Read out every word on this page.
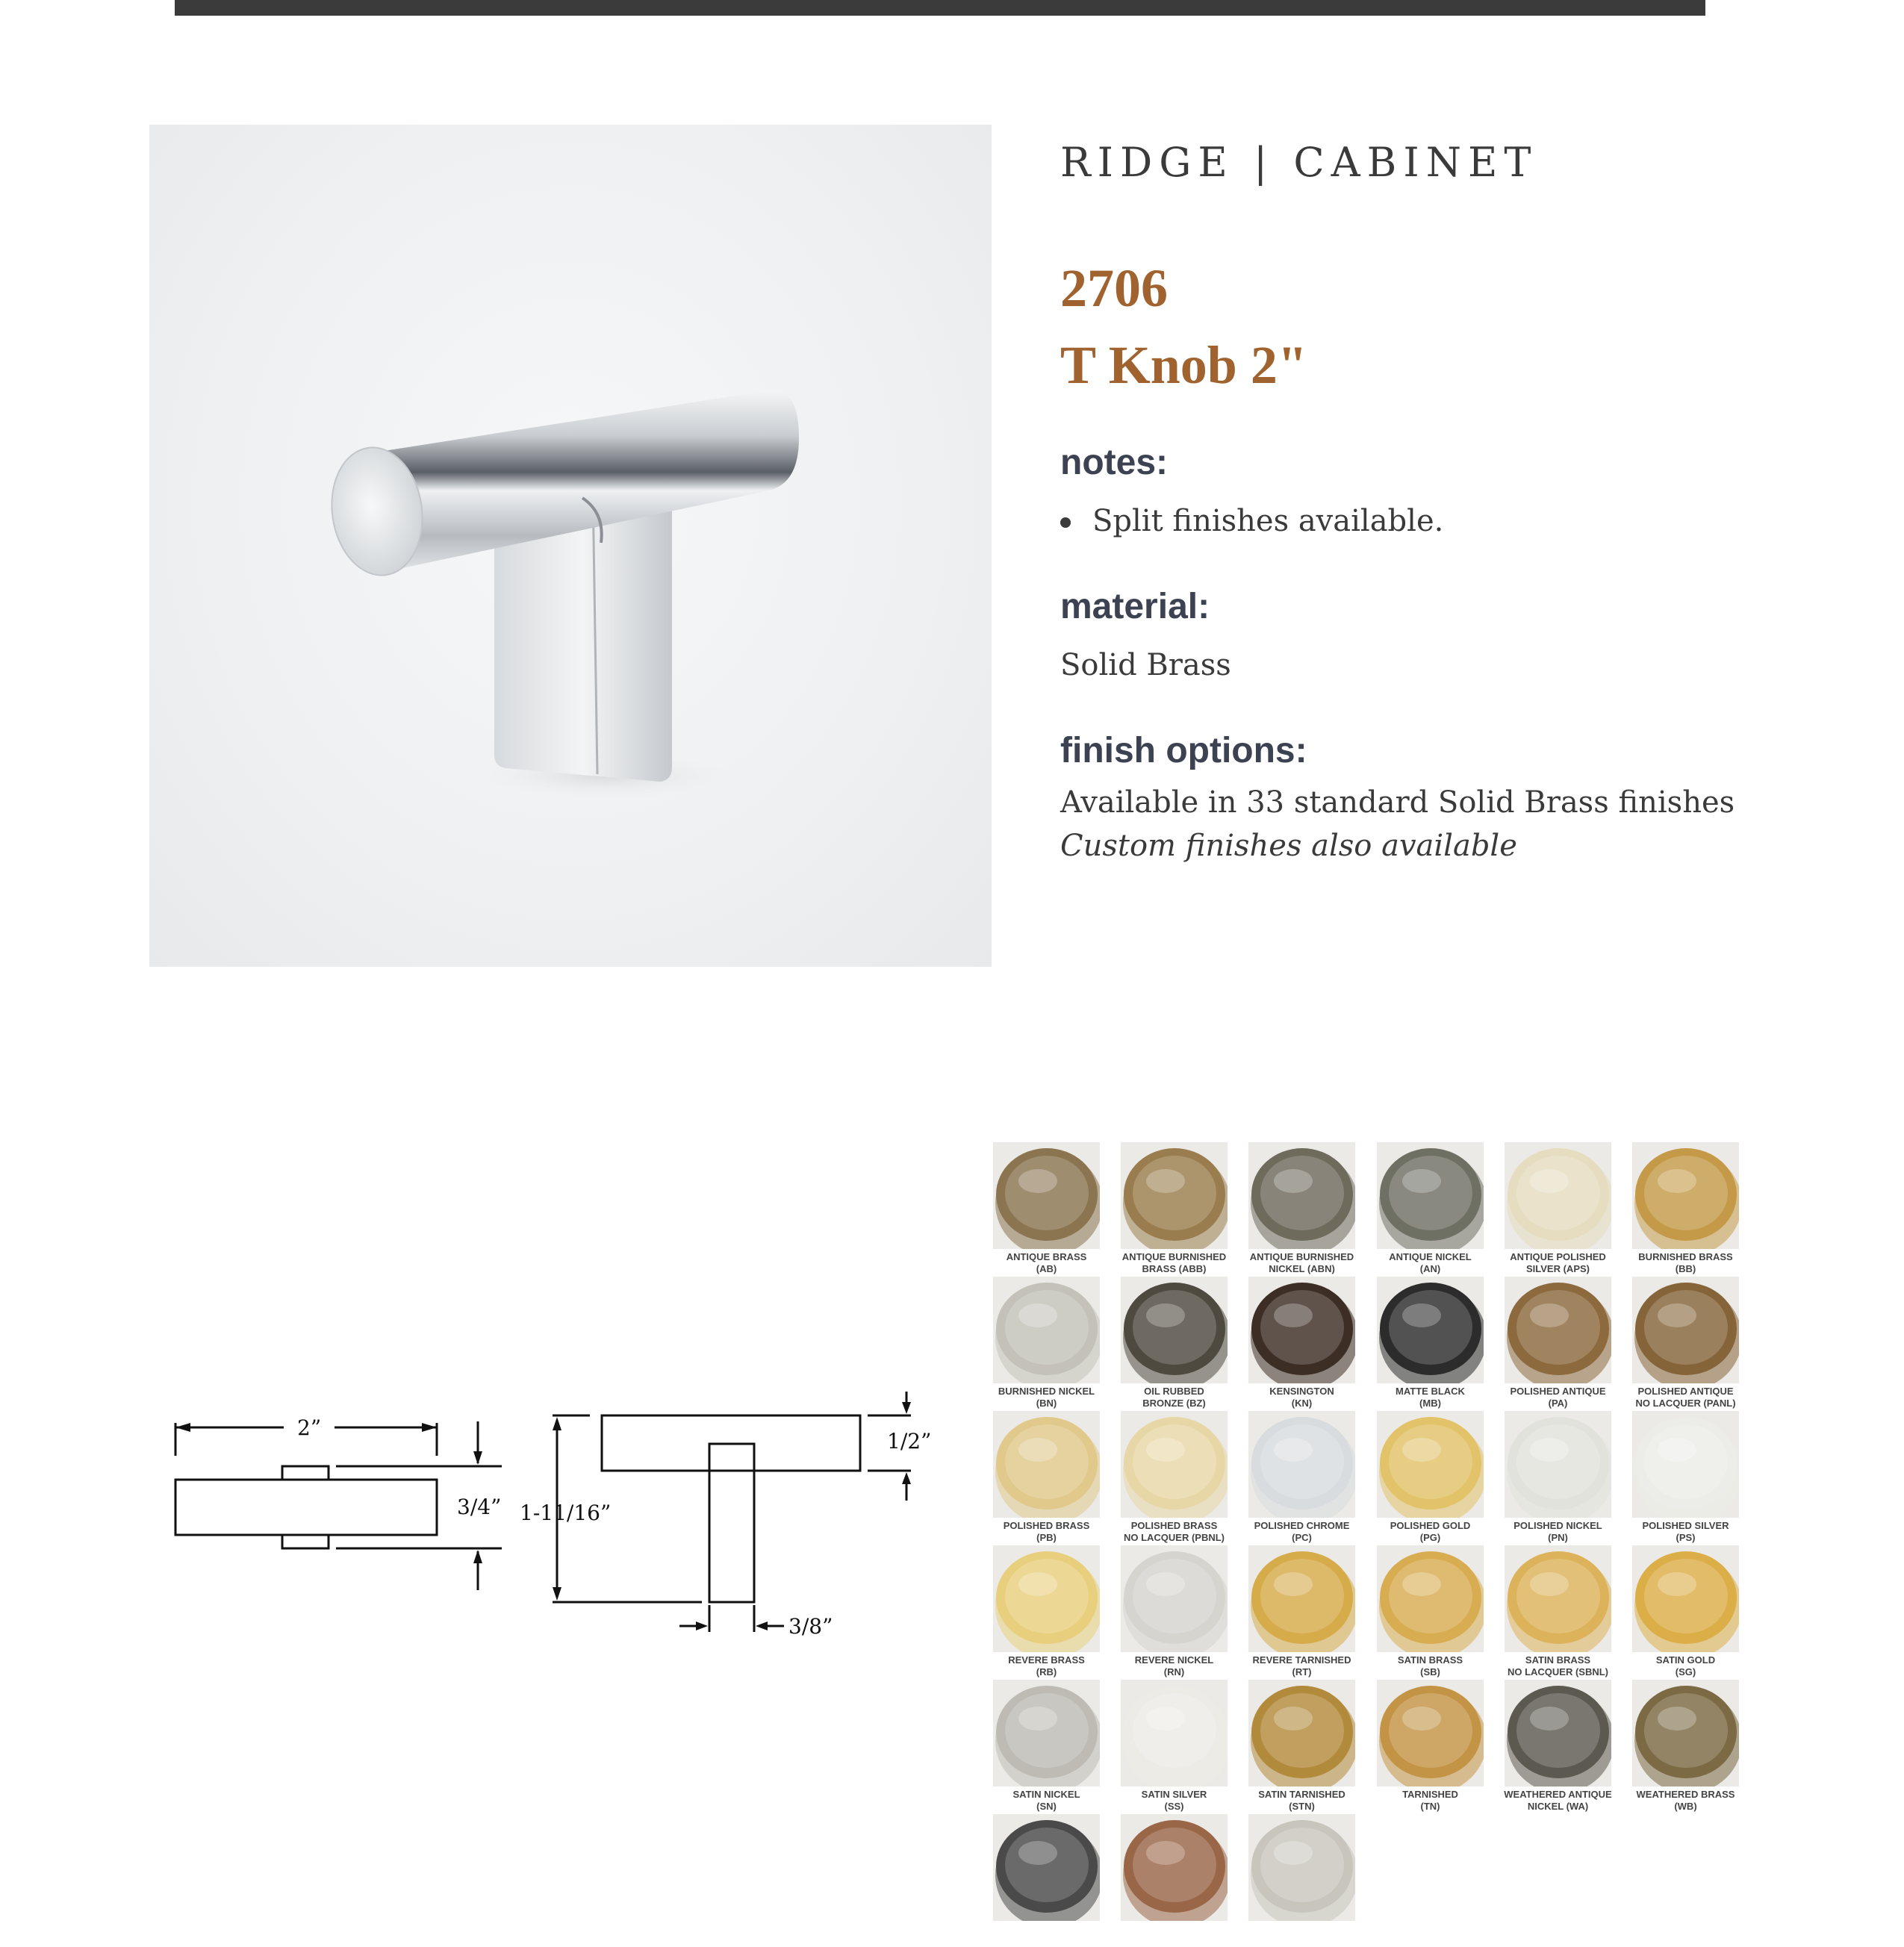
RIDGE | CABINET
2706
T Knob 2"
notes:
Split finishes available.
material:
Solid Brass
finish options:
Available in 33 standard Solid Brass finishes
Custom finishes also available
2”
3/4” 1-11/16”
1/2”
3/8”
ANTIQUE BRASS
(AB)
ANTIQUE BURNISHED
BRASS (ABB)
ANTIQUE BURNISHED
NICKEL (ABN)
ANTIQUE NICKEL
(AN)
ANTIQUE POLISHED
SILVER (APS)
BURNISHED BRASS
(BB)
BURNISHED NICKEL
(BN)
OIL RUBBED
BRONZE (BZ)
KENSINGTON
(KN)
MATTE BLACK
(MB)
POLISHED ANTIQUE
(PA)
POLISHED ANTIQUE
NO LACQUER (PANL)
POLISHED BRASS
(PB)
POLISHED BRASS
NO LACQUER (PBNL)
POLISHED CHROME
(PC)
POLISHED GOLD
(PG)
POLISHED NICKEL
(PN)
POLISHED SILVER
(PS)
REVERE BRASS
(RB)
REVERE NICKEL
(RN)
REVERE TARNISHED
(RT)
SATIN BRASS
(SB)
SATIN BRASS
NO LACQUER (SBNL)
SATIN GOLD
(SG)
SATIN NICKEL
(SN)
SATIN SILVER
(SS)
SATIN TARNISHED
(STN)
TARNISHED
(TN)
WEATHERED ANTIQUE
NICKEL (WA)
WEATHERED BRASS
(WB)
